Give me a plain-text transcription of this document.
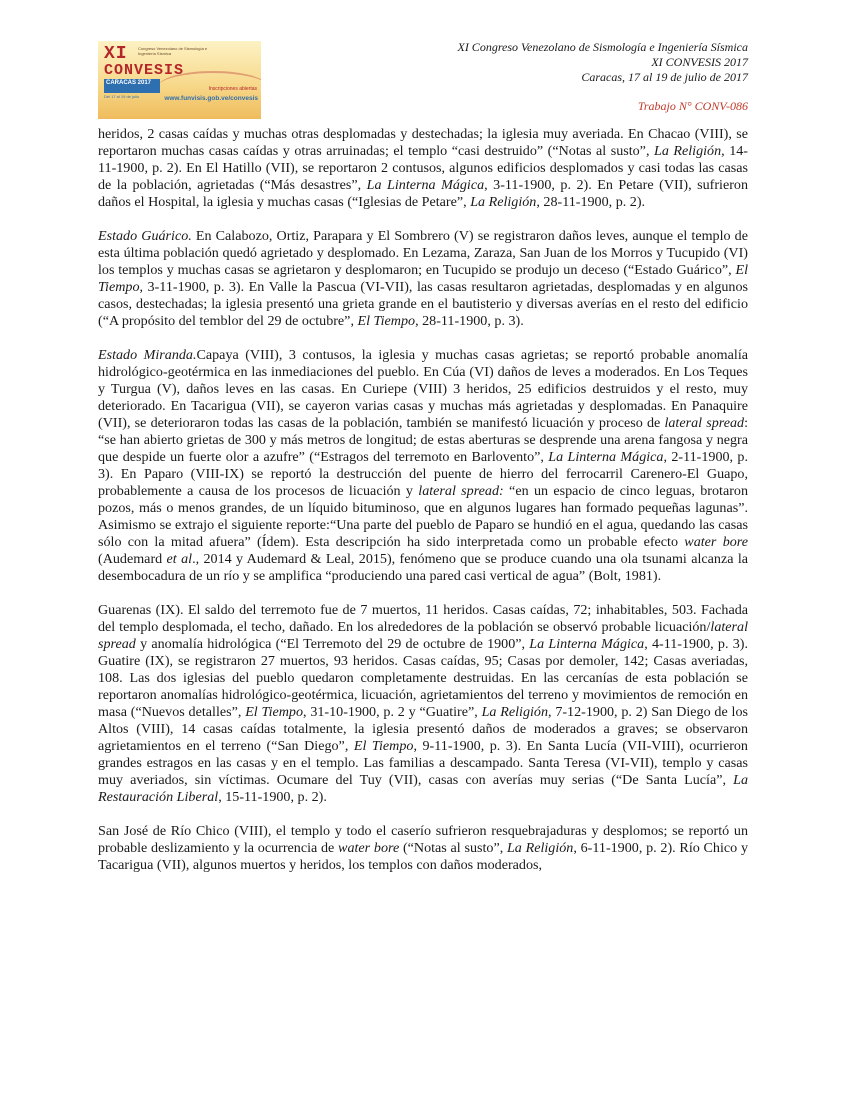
XI	Congreso Venezolano de Sismología e Ingeniería Sísmica
CONVESIS
CARACAS 2017
Del 17 al 19 de julio
Inscripciones abiertas
www.funvisis.gob.ve/convesis
XI Congreso Venezolano de Sismología e Ingeniería Sísmica
XI CONVESIS 2017
Caracas, 17 al 19 de julio de 2017
Trabajo N° CONV-086

heridos, 2 casas caídas y muchas otras desplomadas y destechadas; la iglesia muy averiada. En Chacao (VIII), se reportaron muchas casas caídas y otras arruinadas; el templo “casi destruido” (“Notas al susto”, La Religión, 14-11-1900, p. 2). En El Hatillo (VII), se reportaron 2 contusos, algunos edificios desplomados y casi todas las casas de la población, agrietadas (“Más desastres”, La Linterna Mágica, 3-11-1900, p. 2). En Petare (VII), sufrieron daños el Hospital, la iglesia y muchas casas (“Iglesias de Petare”, La Religión, 28-11-1900, p. 2).

Estado Guárico. En Calabozo, Ortiz, Parapara y El Sombrero (V) se registraron daños leves, aunque el templo de esta última población quedó agrietado y desplomado. En Lezama, Zaraza, San Juan de los Morros y Tucupido (VI) los templos y muchas casas se agrietaron y desplomaron; en Tucupido se produjo un deceso (“Estado Guárico”, El Tiempo, 3-11-1900, p. 3). En Valle la Pascua (VI-VII), las casas resultaron agrietadas, desplomadas y en algunos casos, destechadas; la iglesia presentó una grieta grande en el bautisterio y diversas averías en el resto del edificio (“A propósito del temblor del 29 de octubre”, El Tiempo, 28-11-1900, p. 3).

Estado Miranda.Capaya (VIII), 3 contusos, la iglesia y muchas casas agrietas; se reportó probable anomalía hidrológico-geotérmica en las inmediaciones del pueblo. En Cúa (VI) daños de leves a moderados. En Los Teques y Turgua (V), daños leves en las casas. En Curiepe (VIII) 3 heridos, 25 edificios destruidos y el resto, muy deteriorado. En Tacarigua (VII), se cayeron varias casas y muchas más agrietadas y desplomadas. En Panaquire (VII), se deterioraron todas las casas de la población, también se manifestó licuación y proceso de lateral spread: “se han abierto grietas de 300 y más metros de longitud; de estas aberturas se desprende una arena fangosa y negra que despide un fuerte olor a azufre” (“Estragos del terremoto en Barlovento”, La Linterna Mágica, 2-11-1900, p. 3). En Paparo (VIII-IX) se reportó la destrucción del puente de hierro del ferrocarril Carenero-El Guapo, probablemente a causa de los procesos de licuación y lateral spread: “en un espacio de cinco leguas, brotaron pozos, más o menos grandes, de un líquido bituminoso, que en algunos lugares han formado pequeñas lagunas”. Asimismo se extrajo el siguiente reporte:“Una parte del pueblo de Paparo se hundió en el agua, quedando las casas sólo con la mitad afuera” (Ídem). Esta descripción ha sido interpretada como un probable efecto water bore (Audemard et al., 2014 y Audemard & Leal, 2015), fenómeno que se produce cuando una ola tsunami alcanza la desembocadura de un río y se amplifica “produciendo una pared casi vertical de agua” (Bolt, 1981).

Guarenas (IX). El saldo del terremoto fue de 7 muertos, 11 heridos. Casas caídas, 72; inhabitables, 503. Fachada del templo desplomada, el techo, dañado. En los alrededores de la población se observó probable licuación/lateral spread y anomalía hidrológica (“El Terremoto del 29 de octubre de 1900”, La Linterna Mágica, 4-11-1900, p. 3). Guatire (IX), se registraron 27 muertos, 93 heridos. Casas caídas, 95; Casas por demoler, 142; Casas averiadas, 108. Las dos iglesias del pueblo quedaron completamente destruidas. En las cercanías de esta población se reportaron anomalías hidrológico-geotérmica, licuación, agrietamientos del terreno y movimientos de remoción en masa (“Nuevos detalles”, El Tiempo, 31-10-1900, p. 2 y “Guatire”, La Religión, 7-12-1900, p. 2) San Diego de los Altos (VIII), 14 casas caídas totalmente, la iglesia presentó daños de moderados a graves; se observaron agrietamientos en el terreno (“San Diego”, El Tiempo, 9-11-1900, p. 3). En Santa Lucía (VII-VIII), ocurrieron grandes estragos en las casas y en el templo. Las familias a descampado. Santa Teresa (VI-VII), templo y casas muy averiados, sin víctimas. Ocumare del Tuy (VII), casas con averías muy serias (“De Santa Lucía”, La Restauración Liberal, 15-11-1900, p. 2).

San José de Río Chico (VIII), el templo y todo el caserío sufrieron resquebrajaduras y desplomos; se reportó un probable deslizamiento y la ocurrencia de water bore (“Notas al susto”, La Religión, 6-11-1900, p. 2). Río Chico y Tacarigua (VII), algunos muertos y heridos, los templos con daños moderados,
